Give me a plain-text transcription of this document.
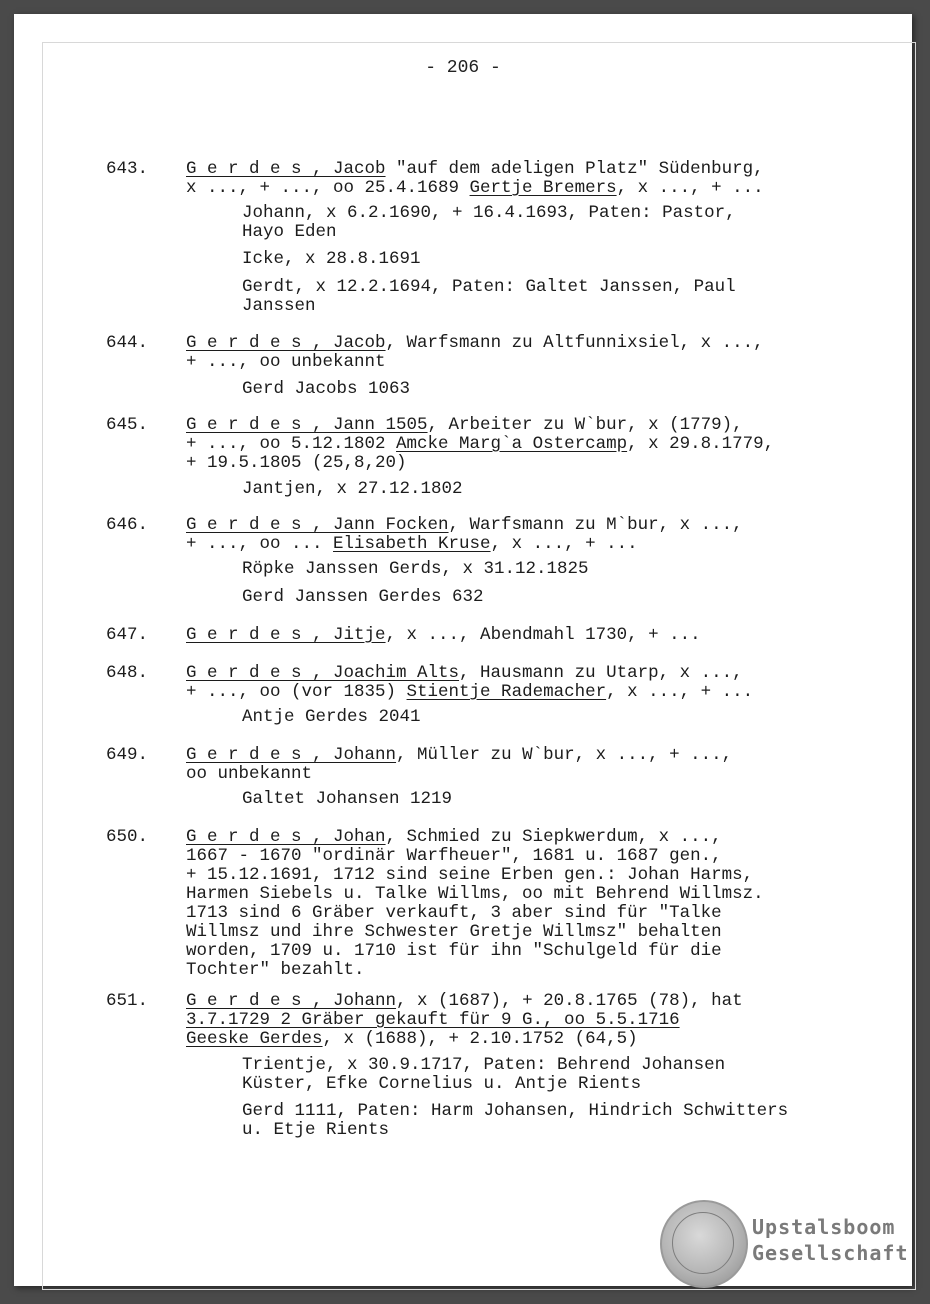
- 206 -
643. G e r d e s , Jacob "auf dem adeligen Platz" Südenburg,
x ..., + ..., oo 25.4.1689 Gertje Bremers, x ..., + ...
Johann, x 6.2.1690, + 16.4.1693, Paten: Pastor,
Hayo Eden
Icke, x 28.8.1691
Gerdt, x 12.2.1694, Paten: Galtet Janssen, Paul
Janssen
644. G e r d e s , Jacob, Warfsmann zu Altfunnixsiel, x ...,
+ ..., oo unbekannt
Gerd Jacobs 1063
645. G e r d e s , Jann 1505, Arbeiter zu W`bur, x (1779),
+ ..., oo 5.12.1802 Amcke Marg`a Ostercamp, x 29.8.1779,
+ 19.5.1805 (25,8,20)
Jantjen, x 27.12.1802
646. G e r d e s , Jann Focken, Warfsmann zu M`bur, x ...,
+ ..., oo ... Elisabeth Kruse, x ..., + ...
Röpke Janssen Gerds, x 31.12.1825
Gerd Janssen Gerdes 632
647. G e r d e s , Jitje, x ..., Abendmahl 1730, + ...
648. G e r d e s , Joachim Alts, Hausmann zu Utarp, x ...,
+ ..., oo (vor 1835) Stientje Rademacher, x ..., + ...
Antje Gerdes 2041
649. G e r d e s , Johann, Müller zu W`bur, x ..., + ...,
oo unbekannt
Galtet Johansen 1219
650. G e r d e s , Johan, Schmied zu Siepkwerdum, x ...,
1667 - 1670 "ordinär Warfheuer", 1681 u. 1687 gen.,
+ 15.12.1691, 1712 sind seine Erben gen.: Johan Harms,
Harmen Siebels u. Talke Willms, oo mit Behrend Willmsz.
1713 sind 6 Gräber verkauft, 3 aber sind für "Talke
Willmsz und ihre Schwester Gretje Willmsz" behalten
worden, 1709 u. 1710 ist für ihn "Schulgeld für die
Tochter" bezahlt.
651. G e r d e s , Johann, x (1687), + 20.8.1765 (78), hat
3.7.1729 2 Gräber gekauft für 9 G., oo 5.5.1716
Geeske Gerdes, x (1688), + 2.10.1752 (64,5)
Trientje, x 30.9.1717, Paten: Behrend Johansen
Küster, Efke Cornelius u. Antje Rients
Gerd 1111, Paten: Harm Johansen, Hindrich Schwitters
u. Etje Rients
Upstalsboom
Gesellschaft
